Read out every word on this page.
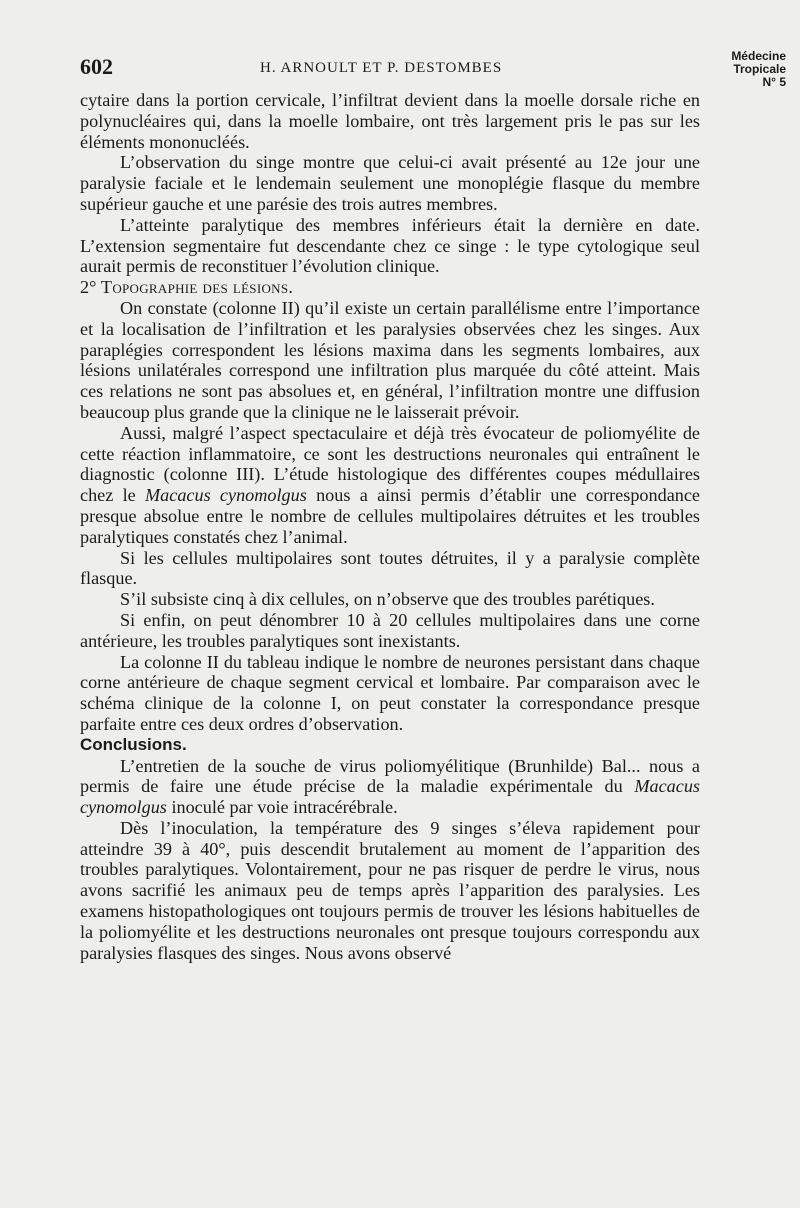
602	H. ARNOULT ET P. DESTOMBES
Médecine
Tropicale
N° 5

cytaire dans la portion cervicale, l’infiltrat devient dans la moelle dorsale riche en polynucléaires qui, dans la moelle lombaire, ont très largement pris le pas sur les éléments mononucléés.

L’observation du singe montre que celui-ci avait présenté au 12e jour une paralysie faciale et le lendemain seulement une monoplégie flasque du membre supérieur gauche et une parésie des trois autres membres.

L’atteinte paralytique des membres inférieurs était la dernière en date. L’extension segmentaire fut descendante chez ce singe : le type cytologique seul aurait permis de reconstituer l’évolution clinique.

2° Topographie des lésions.

On constate (colonne II) qu’il existe un certain parallélisme entre l’importance et la localisation de l’infiltration et les paralysies observées chez les singes. Aux paraplégies correspondent les lésions maxima dans les segments lombaires, aux lésions unilatérales correspond une infiltration plus marquée du côté atteint. Mais ces relations ne sont pas absolues et, en général, l’infiltration montre une diffusion beaucoup plus grande que la clinique ne le laisserait prévoir.

Aussi, malgré l’aspect spectaculaire et déjà très évocateur de poliomyélite de cette réaction inflammatoire, ce sont les destructions neuronales qui entraînent le diagnostic (colonne III). L’étude histologique des différentes coupes médullaires chez le Macacus cynomolgus nous a ainsi permis d’établir une correspondance presque absolue entre le nombre de cellules multipolaires détruites et les troubles paralytiques constatés chez l’animal.

Si les cellules multipolaires sont toutes détruites, il y a paralysie complète flasque.

S’il subsiste cinq à dix cellules, on n’observe que des troubles parétiques.

Si enfin, on peut dénombrer 10 à 20 cellules multipolaires dans une corne antérieure, les troubles paralytiques sont inexistants.

La colonne II du tableau indique le nombre de neurones persistant dans chaque corne antérieure de chaque segment cervical et lombaire. Par comparaison avec le schéma clinique de la colonne I, on peut constater la correspondance presque parfaite entre ces deux ordres d’observation.

Conclusions.

L’entretien de la souche de virus poliomyélitique (Brunhilde) Bal... nous a permis de faire une étude précise de la maladie expérimentale du Macacus cynomolgus inoculé par voie intracérébrale.

Dès l’inoculation, la température des 9 singes s’éleva rapidement pour atteindre 39 à 40°, puis descendit brutalement au moment de l’apparition des troubles paralytiques. Volontairement, pour ne pas risquer de perdre le virus, nous avons sacrifié les animaux peu de temps après l’apparition des paralysies. Les examens histopathologiques ont toujours permis de trouver les lésions habituelles de la poliomyélite et les destructions neuronales ont presque toujours correspondu aux paralysies flasques des singes. Nous avons observé
